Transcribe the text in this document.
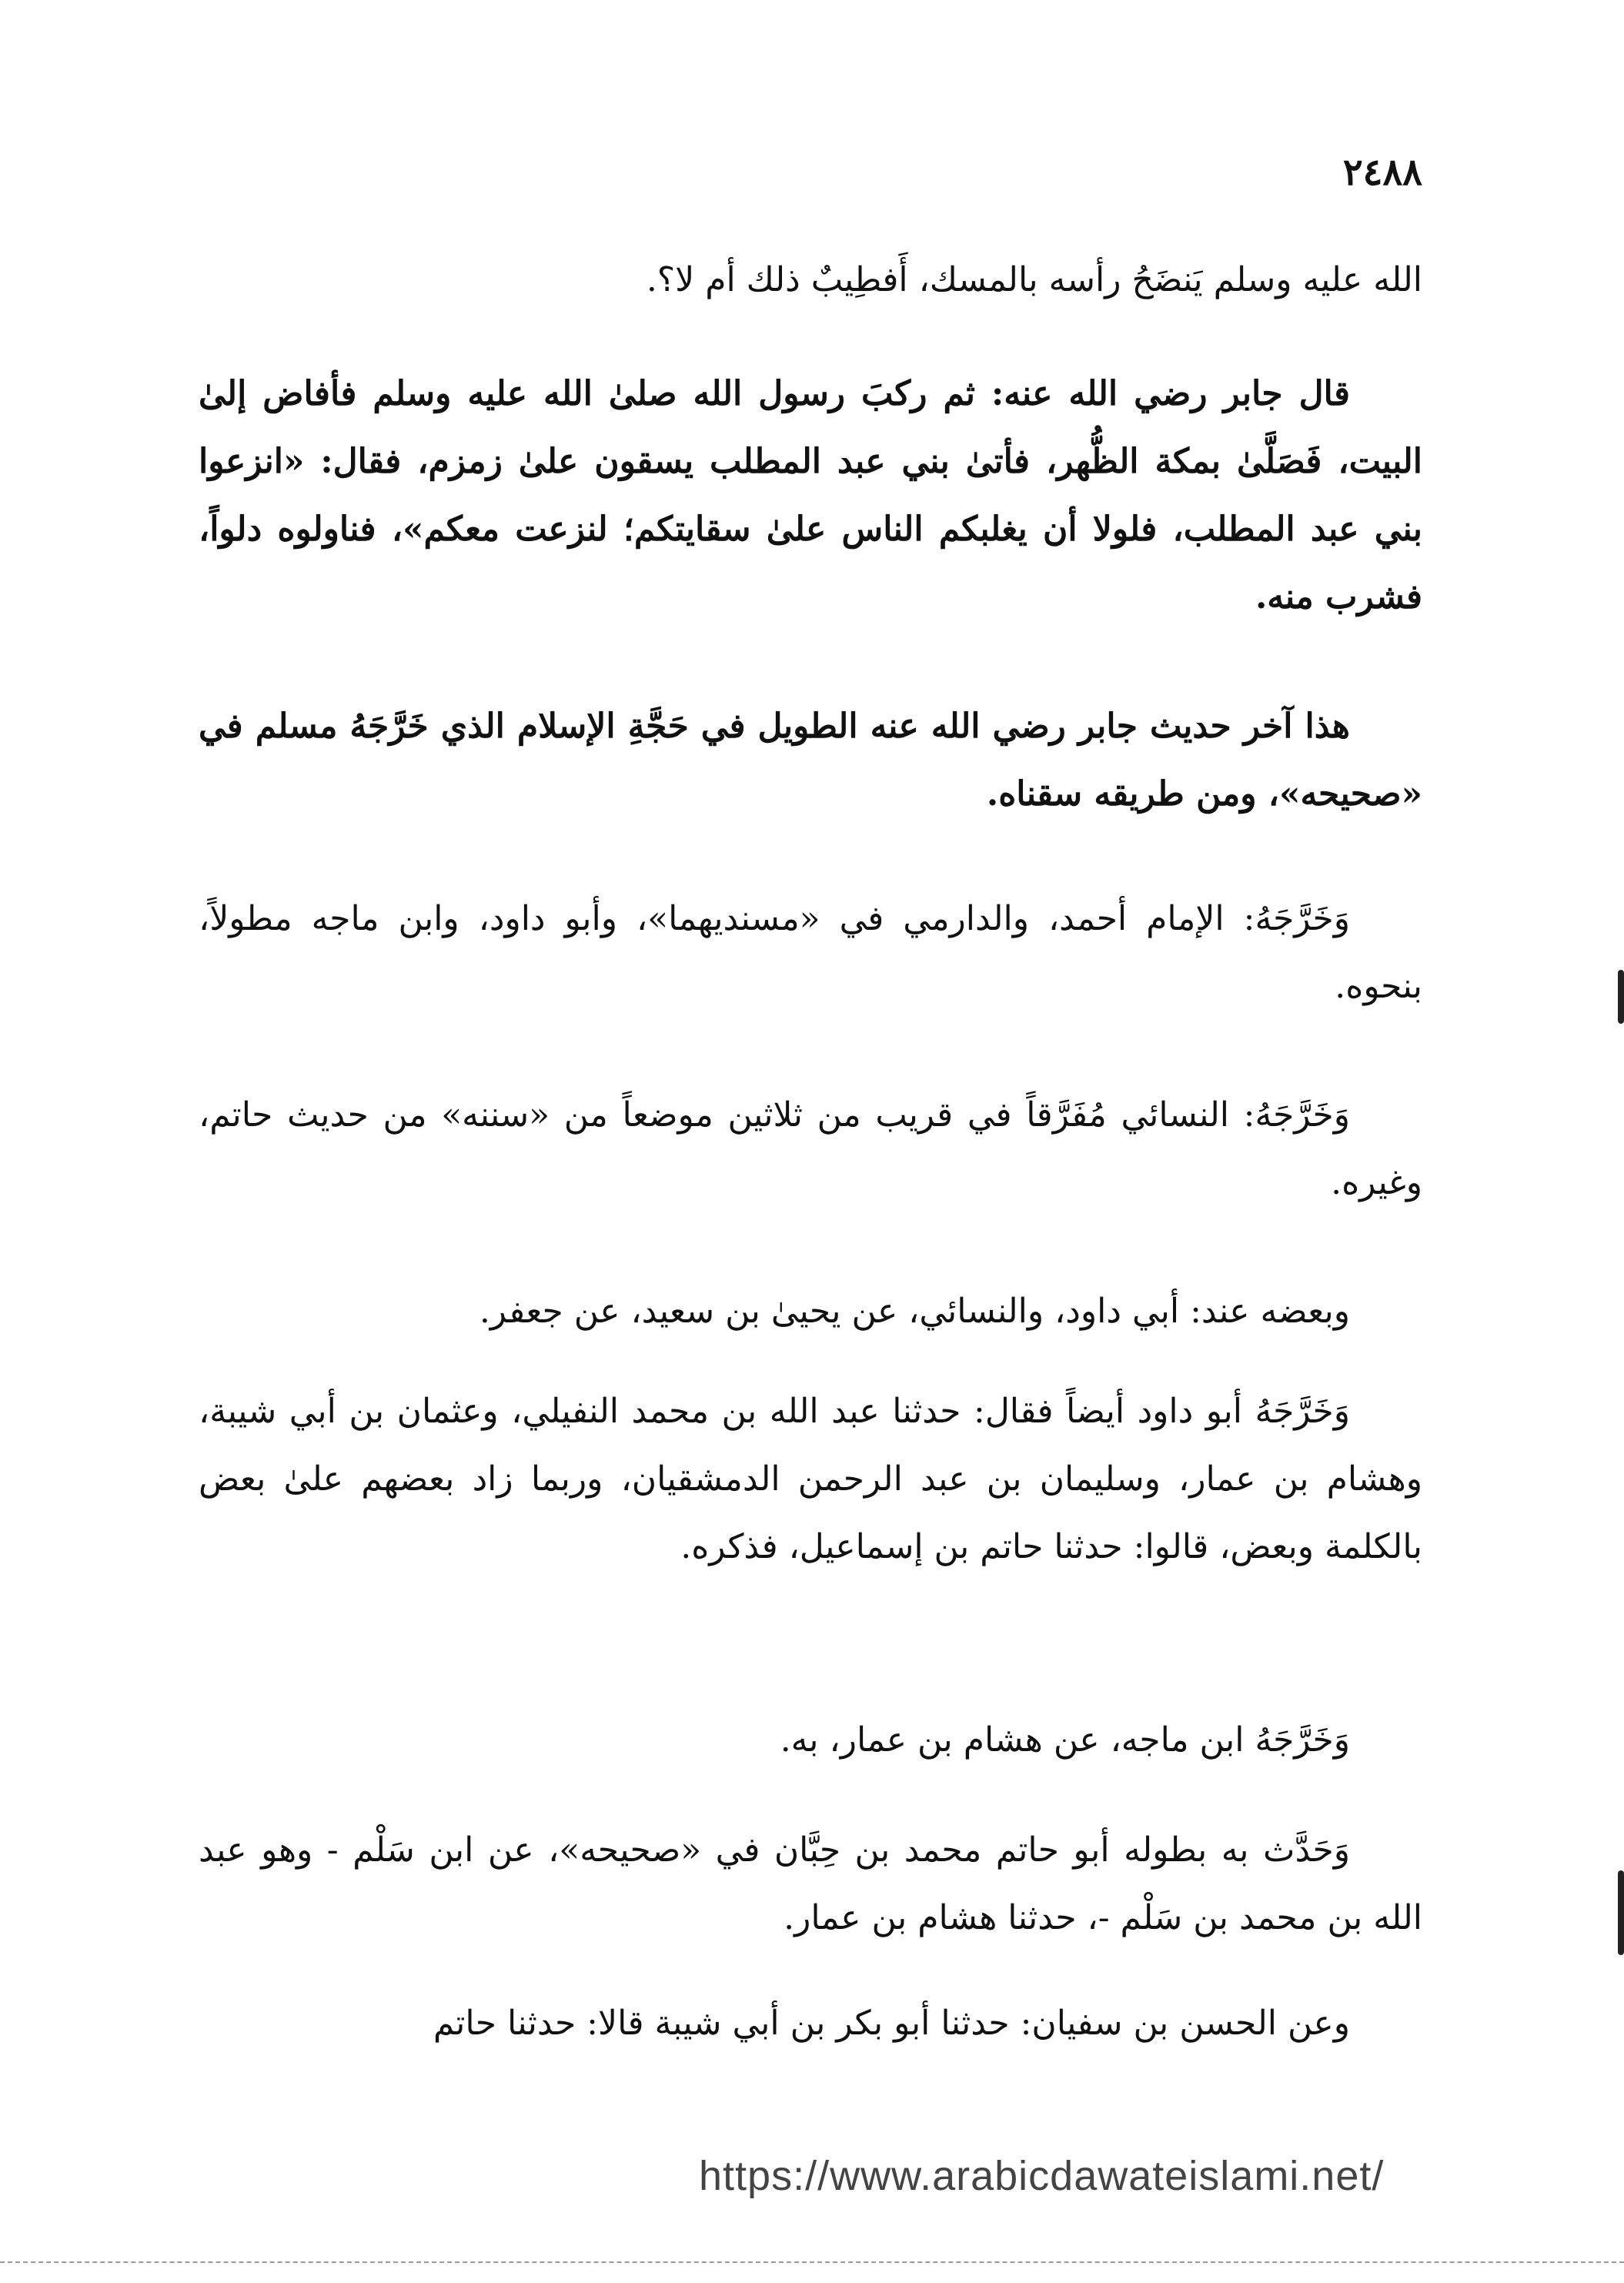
٢٤٨٨

الله عليه وسلم يَنضَحُ رأسه بالمسك، أَفطِيبٌ ذلك أم لا؟.

قال جابر رضي الله عنه: ثم ركبَ رسول الله صلىٰ الله عليه وسلم فأفاض إلىٰ البيت، فَصَلَّىٰ بمكة الظُّهر، فأتىٰ بني عبد المطلب يسقون علىٰ زمزم، فقال: «انزعوا بني عبد المطلب، فلولا أن يغلبكم الناس علىٰ سقايتكم؛ لنزعت معكم»، فناولوه دلواً، فشرب منه.

هذا آخر حديث جابر رضي الله عنه الطويل في حَجَّةِ الإسلام الذي خَرَّجَهُ مسلم في «صحيحه»، ومن طريقه سقناه.

وَخَرَّجَهُ: الإمام أحمد، والدارمي في «مسنديهما»، وأبو داود، وابن ماجه مطولاً، بنحوه.

وَخَرَّجَهُ: النسائي مُفَرَّقاً في قريب من ثلاثين موضعاً من «سننه» من حديث حاتم، وغيره.

وبعضه عند: أبي داود، والنسائي، عن يحيىٰ بن سعيد، عن جعفر.

وَخَرَّجَهُ أبو داود أيضاً فقال: حدثنا عبد الله بن محمد النفيلي، وعثمان بن أبي شيبة، وهشام بن عمار، وسليمان بن عبد الرحمن الدمشقيان، وربما زاد بعضهم علىٰ بعض بالكلمة وبعض، قالوا: حدثنا حاتم بن إسماعيل، فذكره.

وَخَرَّجَهُ ابن ماجه، عن هشام بن عمار، به.

وَحَدَّث به بطوله أبو حاتم محمد بن حِبَّان في «صحيحه»، عن ابن سَلْم - وهو عبد الله بن محمد بن سَلْم -، حدثنا هشام بن عمار.

وعن الحسن بن سفيان: حدثنا أبو بكر بن أبي شيبة قالا: حدثنا حاتم

https://www.arabicdawateislami.net/
